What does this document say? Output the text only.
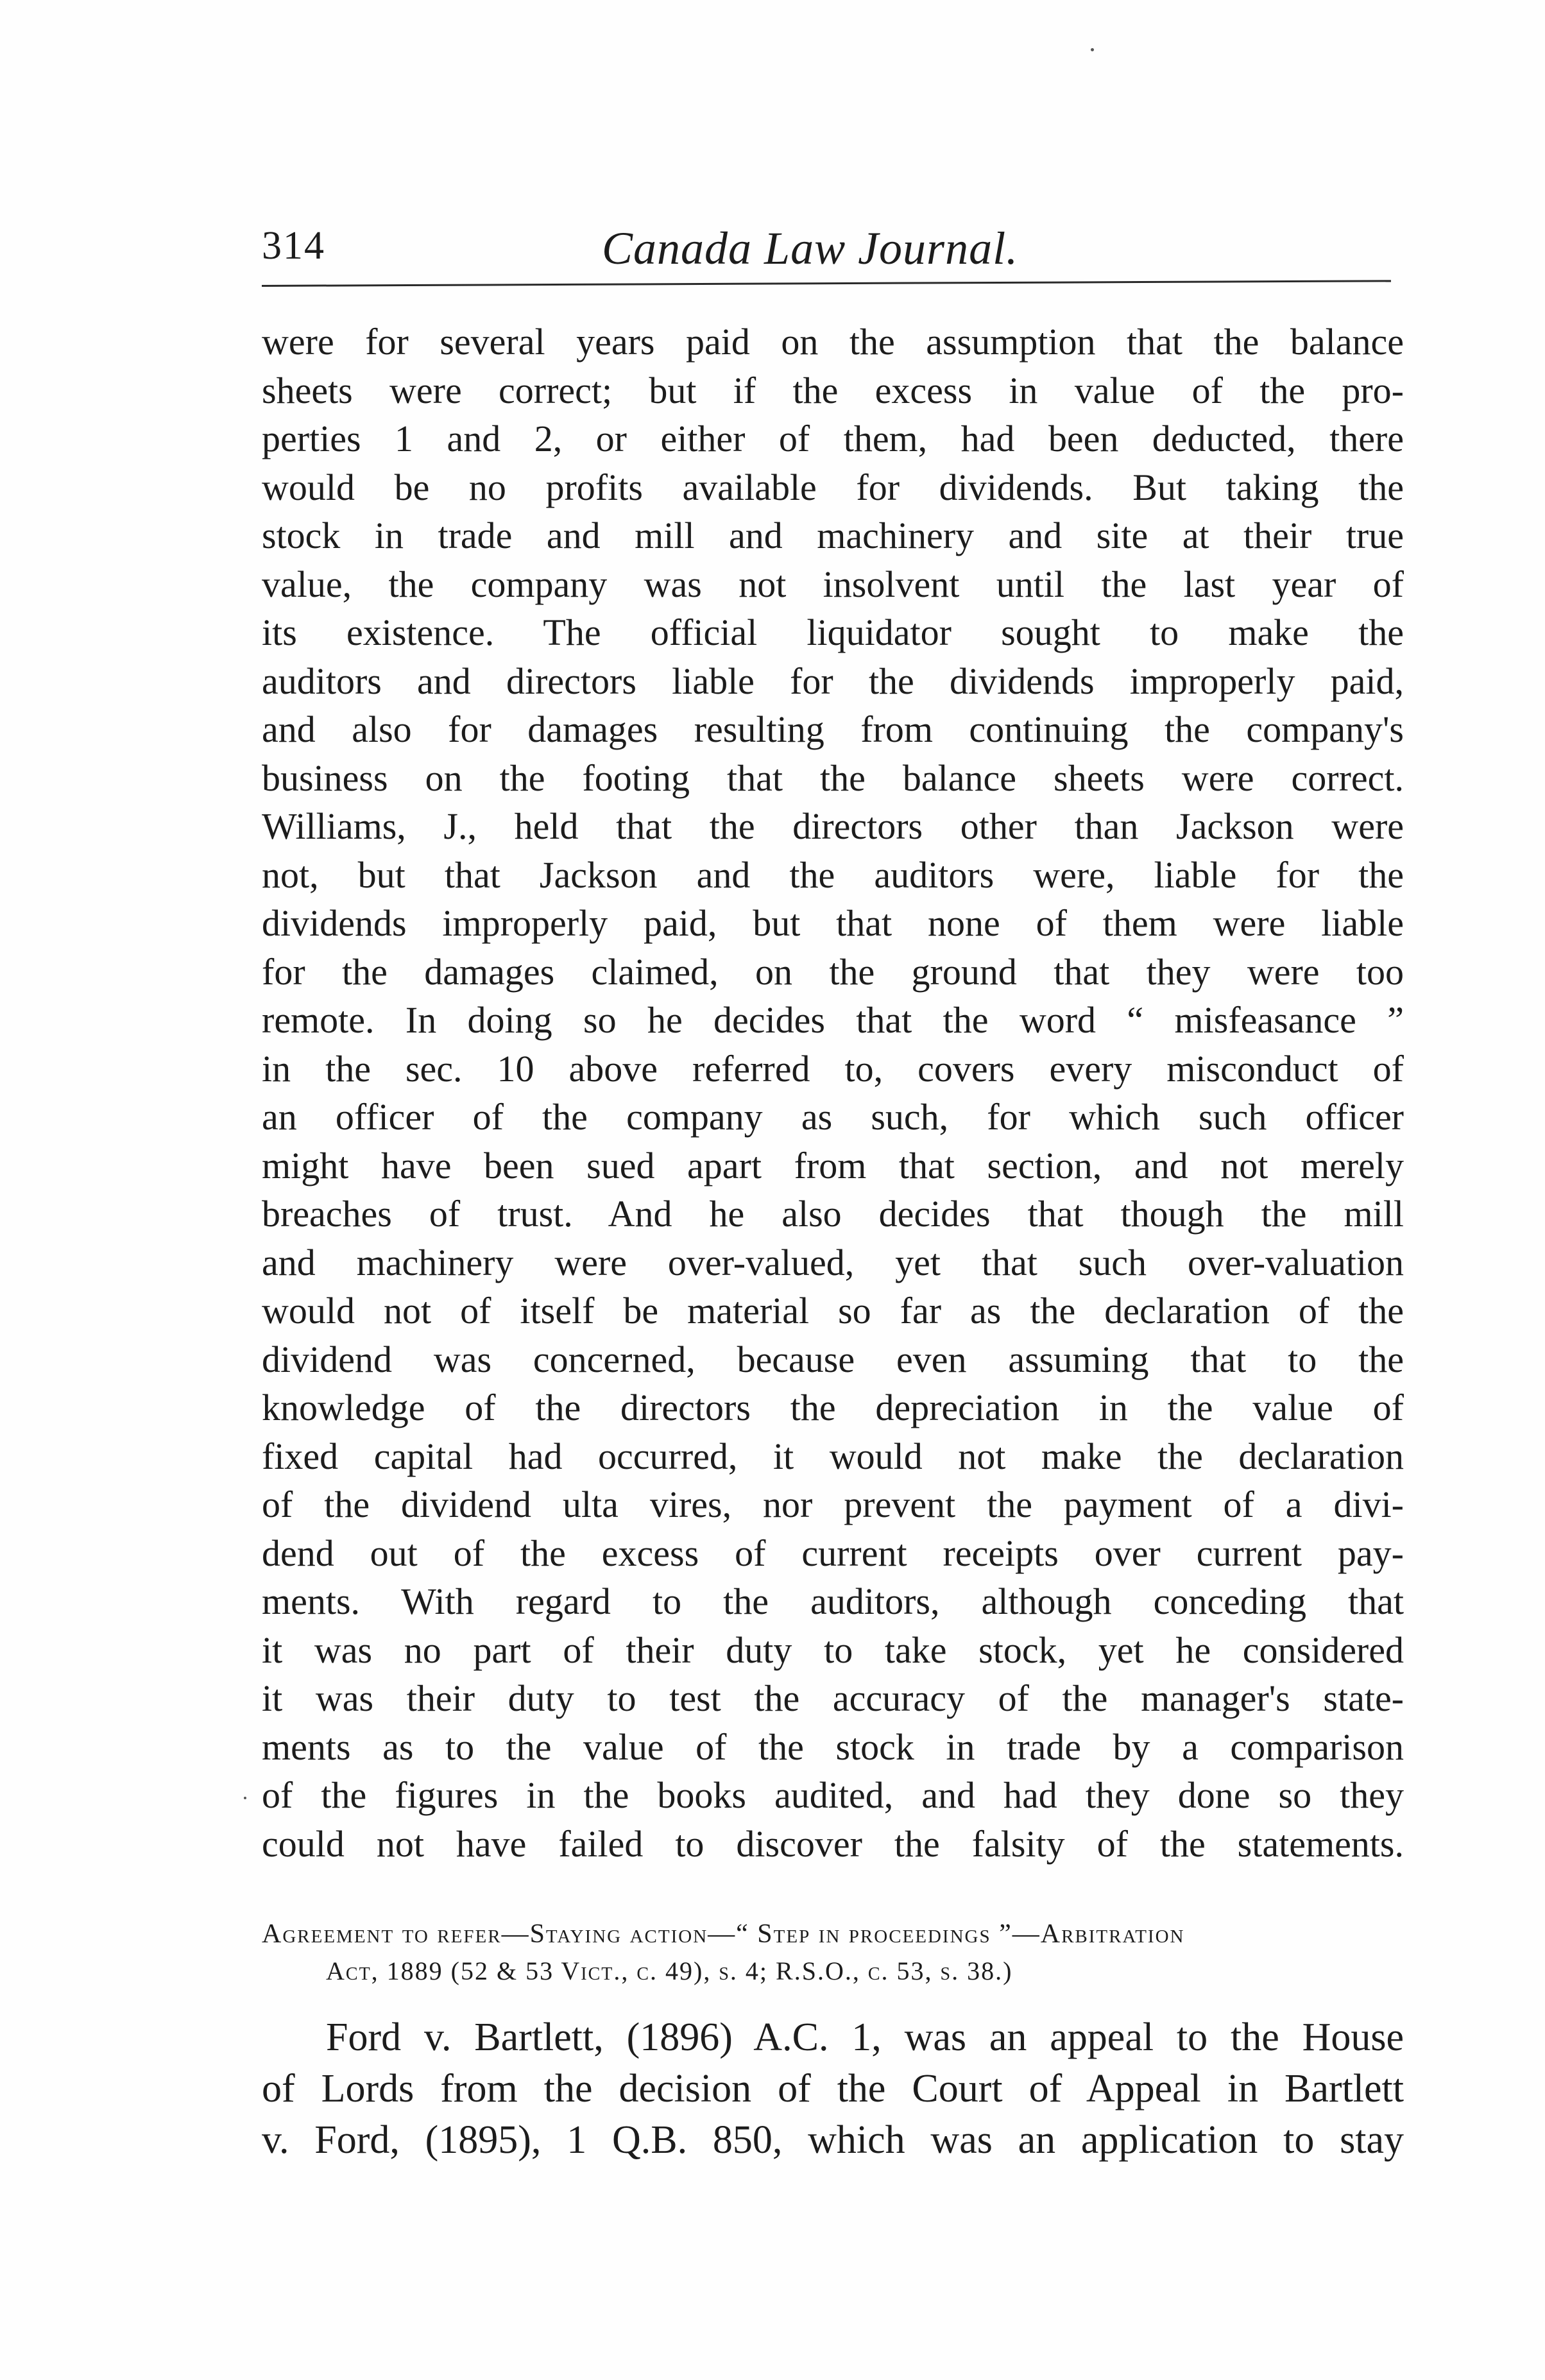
314	Canada Law Journal.
were for several years paid on the assumption that the balance
sheets were correct; but if the excess in value of the pro-
perties 1 and 2, or either of them, had been deducted, there
would be no profits available for dividends. But taking the
stock in trade and mill and machinery and site at their true
value, the company was not insolvent until the last year of
its existence. The official liquidator sought to make the
auditors and directors liable for the dividends improperly paid,
and also for damages resulting from continuing the company's
business on the footing that the balance sheets were correct.
Williams, J., held that the directors other than Jackson were
not, but that Jackson and the auditors were, liable for the
dividends improperly paid, but that none of them were liable
for the damages claimed, on the ground that they were too
remote. In doing so he decides that the word “ misfeasance ”
in the sec. 10 above referred to, covers every misconduct of
an officer of the company as such, for which such officer
might have been sued apart from that section, and not merely
breaches of trust. And he also decides that though the mill
and machinery were over-valued, yet that such over-valuation
would not of itself be material so far as the declaration of the
dividend was concerned, because even assuming that to the
knowledge of the directors the depreciation in the value of
fixed capital had occurred, it would not make the declaration
of the dividend ulta vires, nor prevent the payment of a divi-
dend out of the excess of current receipts over current pay-
ments. With regard to the auditors, although conceding that
it was no part of their duty to take stock, yet he considered
it was their duty to test the accuracy of the manager's state-
ments as to the value of the stock in trade by a comparison
of the figures in the books audited, and had they done so they
could not have failed to discover the falsity of the statements.
Agreement to refer—Staying action—“ Step in proceedings ”—Arbitration
Act, 1889 (52 & 53 Vict., c. 49), s. 4; R.S.O., c. 53, s. 38.)
Ford v. Bartlett, (1896) A.C. 1, was an appeal to the House
of Lords from the decision of the Court of Appeal in Bartlett
v. Ford, (1895), 1 Q.B. 850, which was an application to stay
